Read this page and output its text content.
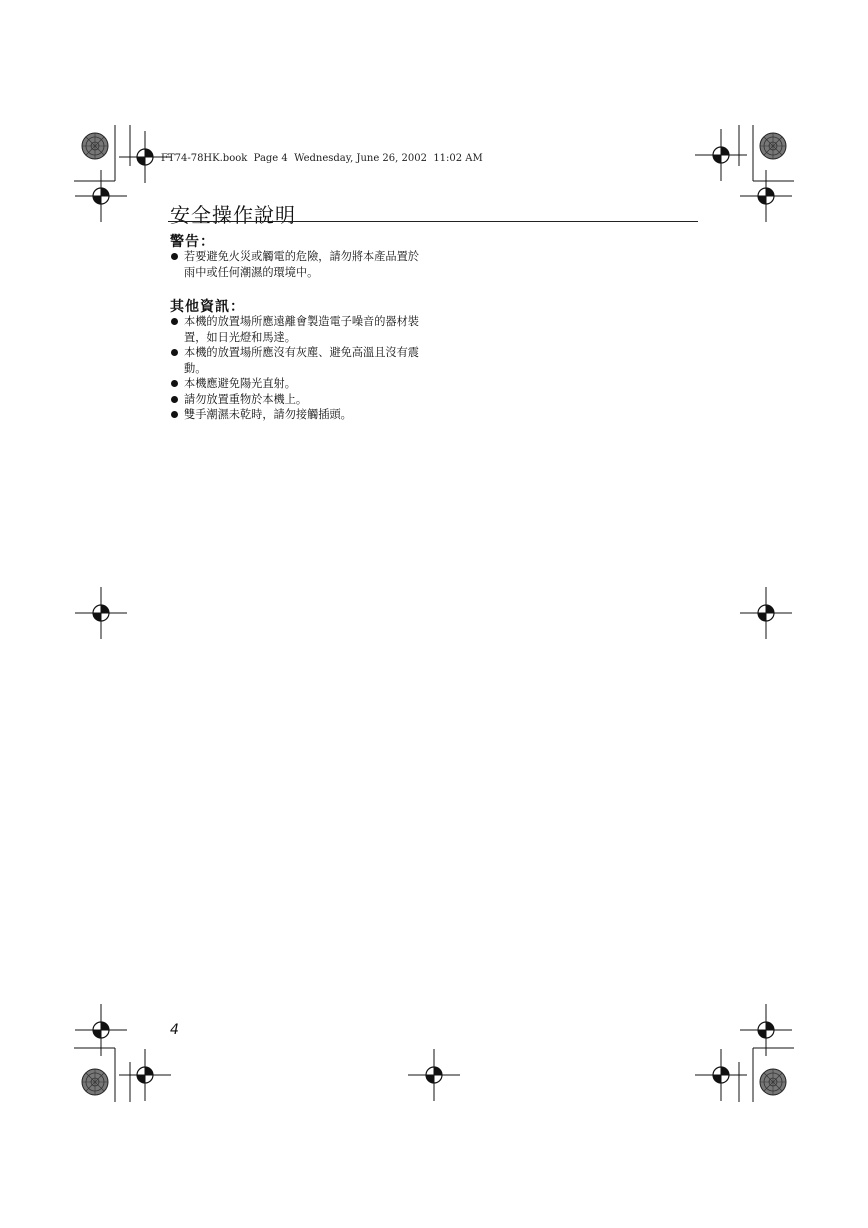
FT74-78HK.book  Page 4  Wednesday, June 26, 2002  11:02 AM
安全操作說明
警告：
若要避免火災或觸電的危險，請勿將本產品置於雨中或任何潮濕的環境中。
其他資訊：
本機的放置場所應遠離會製造電子噪音的器材裝置，如日光燈和馬達。
本機的放置場所應沒有灰塵、避免高溫且沒有震動。
本機應避免陽光直射。
請勿放置重物於本機上。
雙手潮濕未乾時，請勿接觸插頭。
4
